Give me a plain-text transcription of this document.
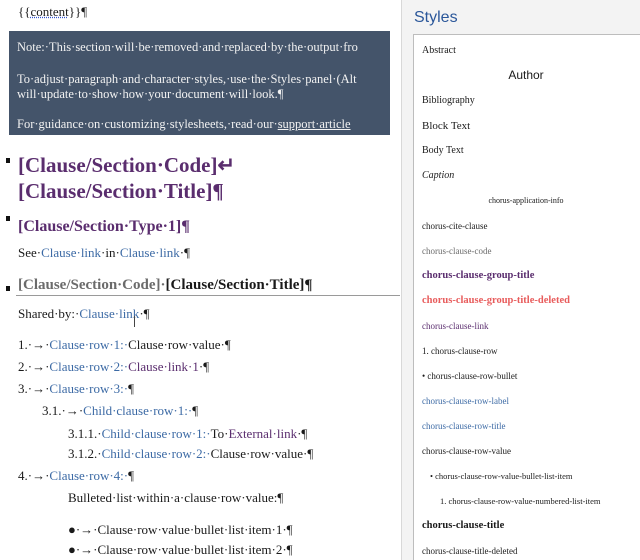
{{content}}¶
Note:·This·section·will·be·removed·and·replaced·by·the·output·fro
To·adjust·paragraph·and·character·styles,·use·the·Styles·panel·(Alt
will·update·to·show·how·your·document·will·look.¶
For·guidance·on·customizing·stylesheets,·read·our·support·article
[Clause/Section·Code]↵
[Clause/Section·Title]¶
[Clause/Section·Type·1]¶
See·Clause·link·in·Clause·link·¶
[Clause/Section·Code]·[Clause/Section·Title]¶
Shared·by:·Clause·link·¶
1.·→·Clause·row·1:·Clause·row·value·¶
2.·→·Clause·row·2:·Clause·link·1·¶
3.·→·Clause·row·3:·¶
3.1.·→·Child·clause·row·1:·¶
3.1.1.·Child·clause·row·1:·To·External·link·¶
3.1.2.·Child·clause·row·2:·Clause·row·value·¶
4.·→·Clause·row·4:·¶
Bulleted·list·within·a·clause·row·value:¶
●·→·Clause·row·value·bullet·list·item·1·¶
●·→·Clause·row·value·bullet·list·item·2·¶
Styles
Abstract
Author
Bibliography
Block Text
Body Text
Caption
chorus-application-info
chorus-cite-clause
chorus-clause-code
chorus-clause-group-title
chorus-clause-group-title-deleted
chorus-clause-link
1. chorus-clause-row
• chorus-clause-row-bullet
chorus-clause-row-label
chorus-clause-row-title
chorus-clause-row-value
• chorus-clause-row-value-bullet-list-item
1. chorus-clause-row-value-numbered-list-item
chorus-clause-title
chorus-clause-title-deleted
